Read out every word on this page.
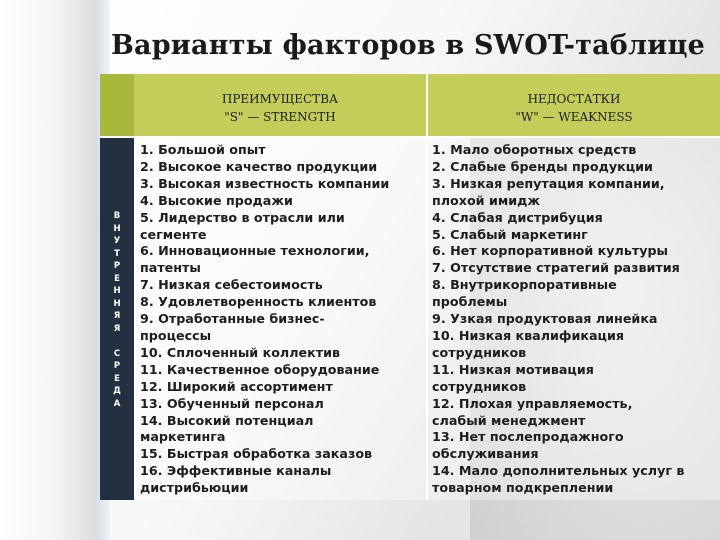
Варианты факторов в SWOT-таблице
ПРЕИМУЩЕСТВА
"S" — STRENGTH
НЕДОСТАТКИ
"W" — WEAKNESS
В
Н
У
Т
Р
Е
Н
Н
Я
Я

С
Р
Е
Д
А
1. Большой опыт
2. Высокое качество продукции
3. Высокая известность компании
4. Высокие продажи
5. Лидерство в отрасли или
сегменте
6. Инновационные технологии,
патенты
7. Низкая себестоимость
8. Удовлетворенность клиентов
9. Отработанные бизнес-
процессы
10. Сплоченный коллектив
11. Качественное оборудование
12. Широкий ассортимент
13. Обученный персонал
14. Высокий потенциал
маркетинга
15. Быстрая обработка заказов
16. Эффективные каналы
дистрибьюции
1. Мало оборотных средств
2. Слабые бренды продукции
3. Низкая репутация компании,
плохой имидж
4. Слабая дистрибуция
5. Слабый маркетинг
6. Нет корпоративной культуры
7. Отсутствие стратегий развития
8. Внутрикорпоративные
проблемы
9. Узкая продуктовая линейка
10. Низкая квалификация
сотрудников
11. Низкая мотивация
сотрудников
12. Плохая управляемость,
слабый менеджмент
13. Нет послепродажного
обслуживания
14. Мало дополнительных услуг в
товарном подкреплении
